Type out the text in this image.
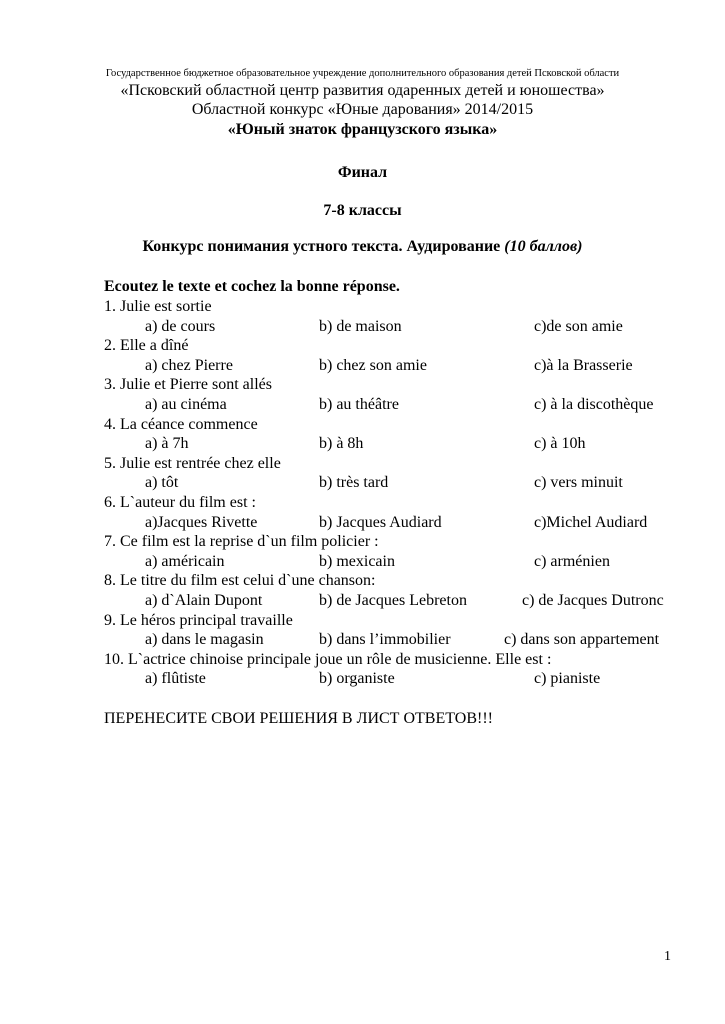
Государственное бюджетное образовательное учреждение дополнительного образования детей Псковской области
«Псковский областной центр развития одаренных детей и юношества»
Областной конкурс «Юные дарования» 2014/2015
«Юный знаток французского языка»
Финал
7-8 классы
Конкурс понимания устного текста. Аудирование (10 баллов)
Ecoutez le texte et cochez la bonne réponse.
1. Julie est sortie
a) de cours	b) de maison	c)de son amie
2. Elle a dîné
a) chez Pierre	b) chez son amie	c)à la Brasserie
3. Julie et Pierre sont allés
a) au cinéma	b) au théâtre	c) à la discothèque
4. La céance commence
a) à 7h	b) à 8h	c) à 10h
5. Julie est rentrée chez elle
a) tôt	b) très tard	c) vers minuit
6. L`auteur du film est :
a)Jacques Rivette	b) Jacques Audiard	c)Michel Audiard
7. Ce film est la reprise d`un film policier :
a) américain	b) mexicain	c) arménien
8. Le titre du film est celui d`une chanson:
a) d`Alain Dupont	b) de Jacques Lebreton	c) de Jacques Dutronc
9. Le héros principal travaille
a) dans le magasin	b) dans l’immobilier	c) dans son appartement
10. L`actrice chinoise principale joue un rôle de musicienne. Elle est :
a) flûtiste	b) organiste	c) pianiste
ПЕРЕНЕСИТЕ СВОИ РЕШЕНИЯ В ЛИСТ ОТВЕТОВ!!!
1
